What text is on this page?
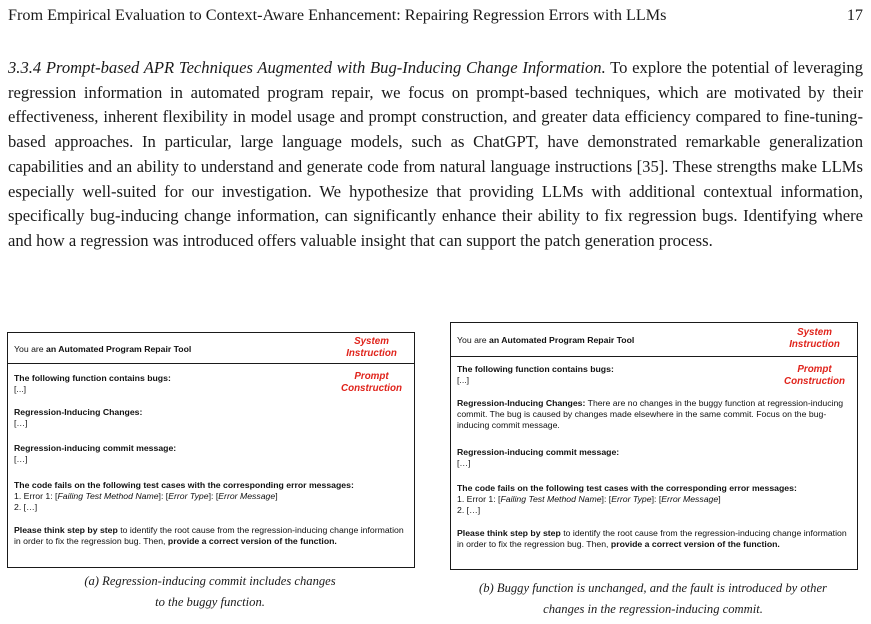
From Empirical Evaluation to Context-Aware Enhancement: Repairing Regression Errors with LLMs	17
3.3.4 Prompt-based APR Techniques Augmented with Bug-Inducing Change Information. To explore the potential of leveraging regression information in automated program repair, we focus on prompt-based techniques, which are motivated by their effectiveness, inherent flexibility in model usage and prompt construction, and greater data efficiency compared to fine-tuning-based approaches. In particular, large language models, such as ChatGPT, have demonstrated remarkable generalization capabilities and an ability to understand and generate code from natural language instructions [35]. These strengths make LLMs especially well-suited for our investigation. We hypothesize that providing LLMs with additional contextual information, specifically bug-inducing change information, can significantly enhance their ability to fix regression bugs. Identifying where and how a regression was introduced offers valuable insight that can support the patch generation process.
You are an Automated Program Repair Tool
System Instruction
Prompt Construction
The following function contains bugs:
[...]
Regression-Inducing Changes:
[…]
Regression-inducing commit message:
[…]
The code fails on the following test cases with the corresponding error messages:
1. Error 1: [Failing Test Method Name]: [Error Type]: [Error Message]
2. […]
Please think step by step to identify the root cause from the regression-inducing change information in order to fix the regression bug. Then, provide a correct version of the function.
(a) Regression-inducing commit includes changes
to the buggy function.
You are an Automated Program Repair Tool
System Instruction
Prompt Construction
The following function contains bugs:
[...]
Regression-Inducing Changes: There are no changes in the buggy function at regression-inducing commit. The bug is caused by changes made elsewhere in the same commit. Focus on the bug-inducing commit message.
Regression-inducing commit message:
[…]
The code fails on the following test cases with the corresponding error messages:
1. Error 1: [Failing Test Method Name]: [Error Type]: [Error Message]
2. […]
Please think step by step to identify the root cause from the regression-inducing change information in order to fix the regression bug. Then, provide a correct version of the function.
(b) Buggy function is unchanged, and the fault is introduced by other
changes in the regression-inducing commit.
